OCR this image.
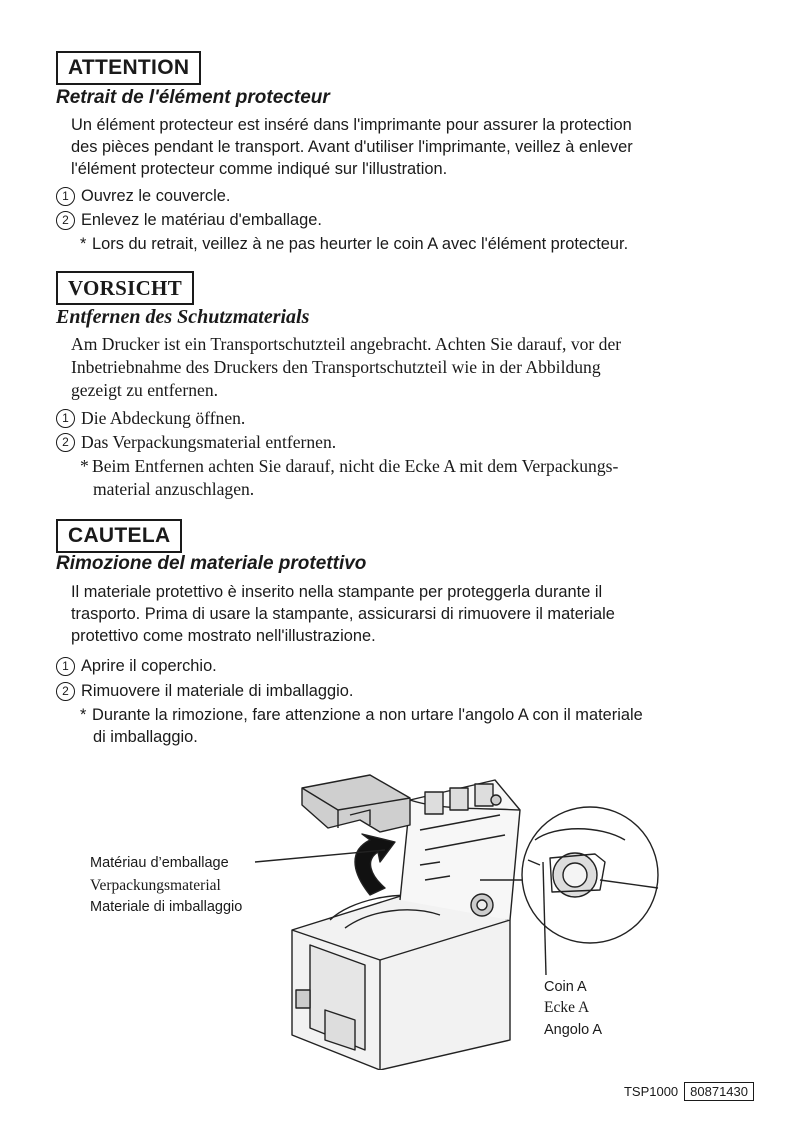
ATTENTION
Retrait de l'élément protecteur
Un élément protecteur est inséré dans l'imprimante pour assurer la protection
des pièces pendant le transport. Avant d'utiliser l'imprimante, veillez à enlever
l'élément protecteur comme indiqué sur l'illustration.
1 Ouvrez le couvercle.
2 Enlevez le matériau d'emballage.
* Lors du retrait, veillez à ne pas heurter le coin A avec l'élément protecteur.
VORSICHT
Entfernen des Schutzmaterials
Am Drucker ist ein Transportschutzteil angebracht. Achten Sie darauf, vor der
Inbetriebnahme des Druckers den Transportschutzteil wie in der Abbildung
gezeigt zu entfernen.
1 Die Abdeckung öffnen.
2 Das Verpackungsmaterial entfernen.
* Beim Entfernen achten Sie darauf, nicht die Ecke A mit dem Verpackungs-
material anzuschlagen.
CAUTELA
Rimozione del materiale protettivo
Il materiale protettivo è inserito nella stampante per proteggerla durante il
trasporto. Prima di usare la stampante, assicurarsi di rimuovere il materiale
protettivo come mostrato nell'illustrazione.
1 Aprire il coperchio.
2 Rimuovere il materiale di imballaggio.
* Durante la rimozione, fare attenzione a non urtare l'angolo A con il materiale
di imballaggio.
Matériau d’emballage
Verpackungsmaterial
Materiale di imballaggio
Coin A
Ecke A
Angolo A
TSP1000 80871430
